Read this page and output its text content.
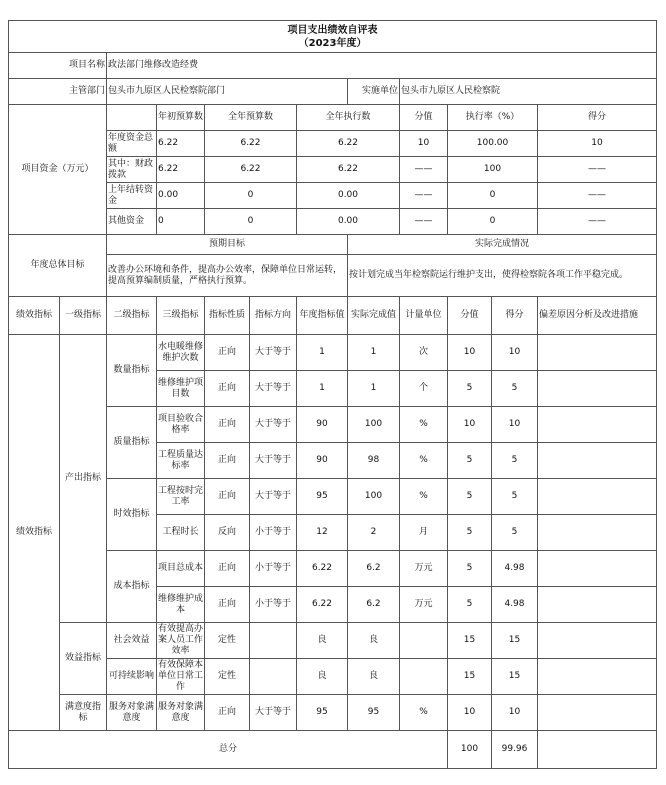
项目支出绩效自评表
（2023年度）											

项目名称		政法部门维修改造经费									
主管部门		包头市九原区人民检察院部门					实施单位	包头市九原区人民检察院			
项目资金（万元）			年初预算数	全年预算数		全年执行数		分值	执行率（%）		得分
		年度资金总额	6.22	6.22		6.22		10	100.00		10
		其中：财政拨款	6.22	6.22		6.22		——	100		——
		上年结转资金	0.00	0		0.00		——	0		——
		其他资金	0	0		0.00		——	0		——
年度总体目标		预期目标					实际完成情况				
		改善办公环境和条件，提高办公效率，保障单位日常运转，提高预算编制质量，严格执行预算。					按计划完成当年检察院运行维护支出，使得检察院各项工作平稳完成。				
绩效指标	一级指标	二级指标	三级指标	指标性质	指标方向	年度指标值	实际完成值	计量单位	分值	得分	偏差原因分析及改进措施
绩效指标	产出指标	数量指标	水电暖维修维护次数	正向	大于等于	1	1	次	10	10	
			维修维护项目数	正向	大于等于	1	1	个	5	5	
		质量指标	项目验收合格率	正向	大于等于	90	100	%	10	10	
			工程质量达标率	正向	大于等于	90	98	%	5	5	
		时效指标	工程按时完工率	正向	大于等于	95	100	%	5	5	
			工程时长	反向	小于等于	12	2	月	5	5	
		成本指标	项目总成本	正向	小于等于	6.22	6.2	万元	5	4.98	
			维修维护成本	正向	小于等于	6.22	6.2	万元	5	4.98	
	效益指标	社会效益	有效提高办案人员工作效率	定性		良	良		15	15	
		可持续影响	有效保障本单位日常工作	定性		良	良		15	15	
	满意度指标	服务对象满意度	服务对象满意度	正向	大于等于	95	95	%	10	10	
总分									100	99.96	
